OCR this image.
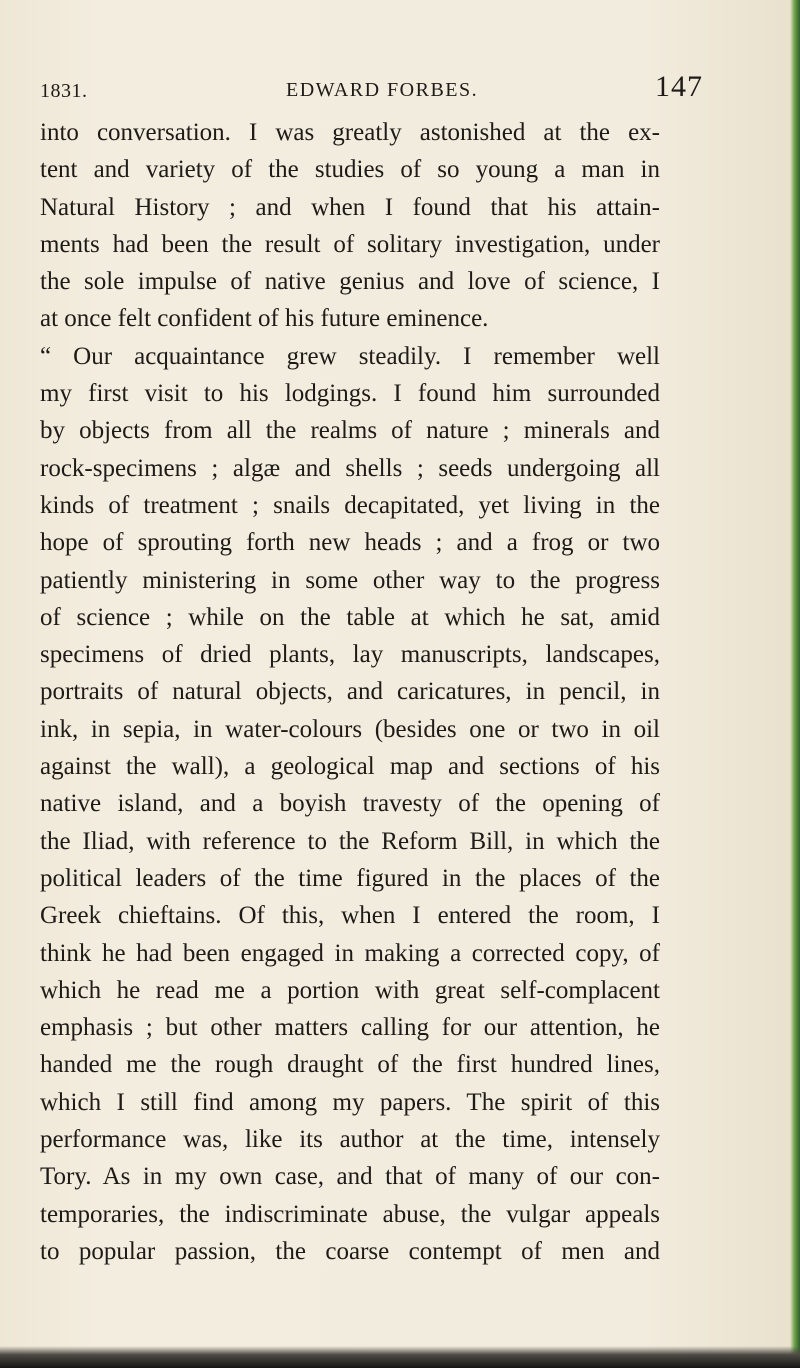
1831.	EDWARD FORBES.	147
into conversation. I was greatly astonished at the ex-
tent and variety of the studies of so young a man in
Natural History ; and when I found that his attain-
ments had been the result of solitary investigation, under
the sole impulse of native genius and love of science, I
at once felt confident of his future eminence.
“ Our acquaintance grew steadily. I remember well
my first visit to his lodgings. I found him surrounded
by objects from all the realms of nature ; minerals and
rock-specimens ; algæ and shells ; seeds undergoing all
kinds of treatment ; snails decapitated, yet living in the
hope of sprouting forth new heads ; and a frog or two
patiently ministering in some other way to the progress
of science ; while on the table at which he sat, amid
specimens of dried plants, lay manuscripts, landscapes,
portraits of natural objects, and caricatures, in pencil, in
ink, in sepia, in water-colours (besides one or two in oil
against the wall), a geological map and sections of his
native island, and a boyish travesty of the opening of
the Iliad, with reference to the Reform Bill, in which the
political leaders of the time figured in the places of the
Greek chieftains. Of this, when I entered the room, I
think he had been engaged in making a corrected copy, of
which he read me a portion with great self-complacent
emphasis ; but other matters calling for our attention, he
handed me the rough draught of the first hundred lines,
which I still find among my papers. The spirit of this
performance was, like its author at the time, intensely
Tory. As in my own case, and that of many of our con-
temporaries, the indiscriminate abuse, the vulgar appeals
to popular passion, the coarse contempt of men and
